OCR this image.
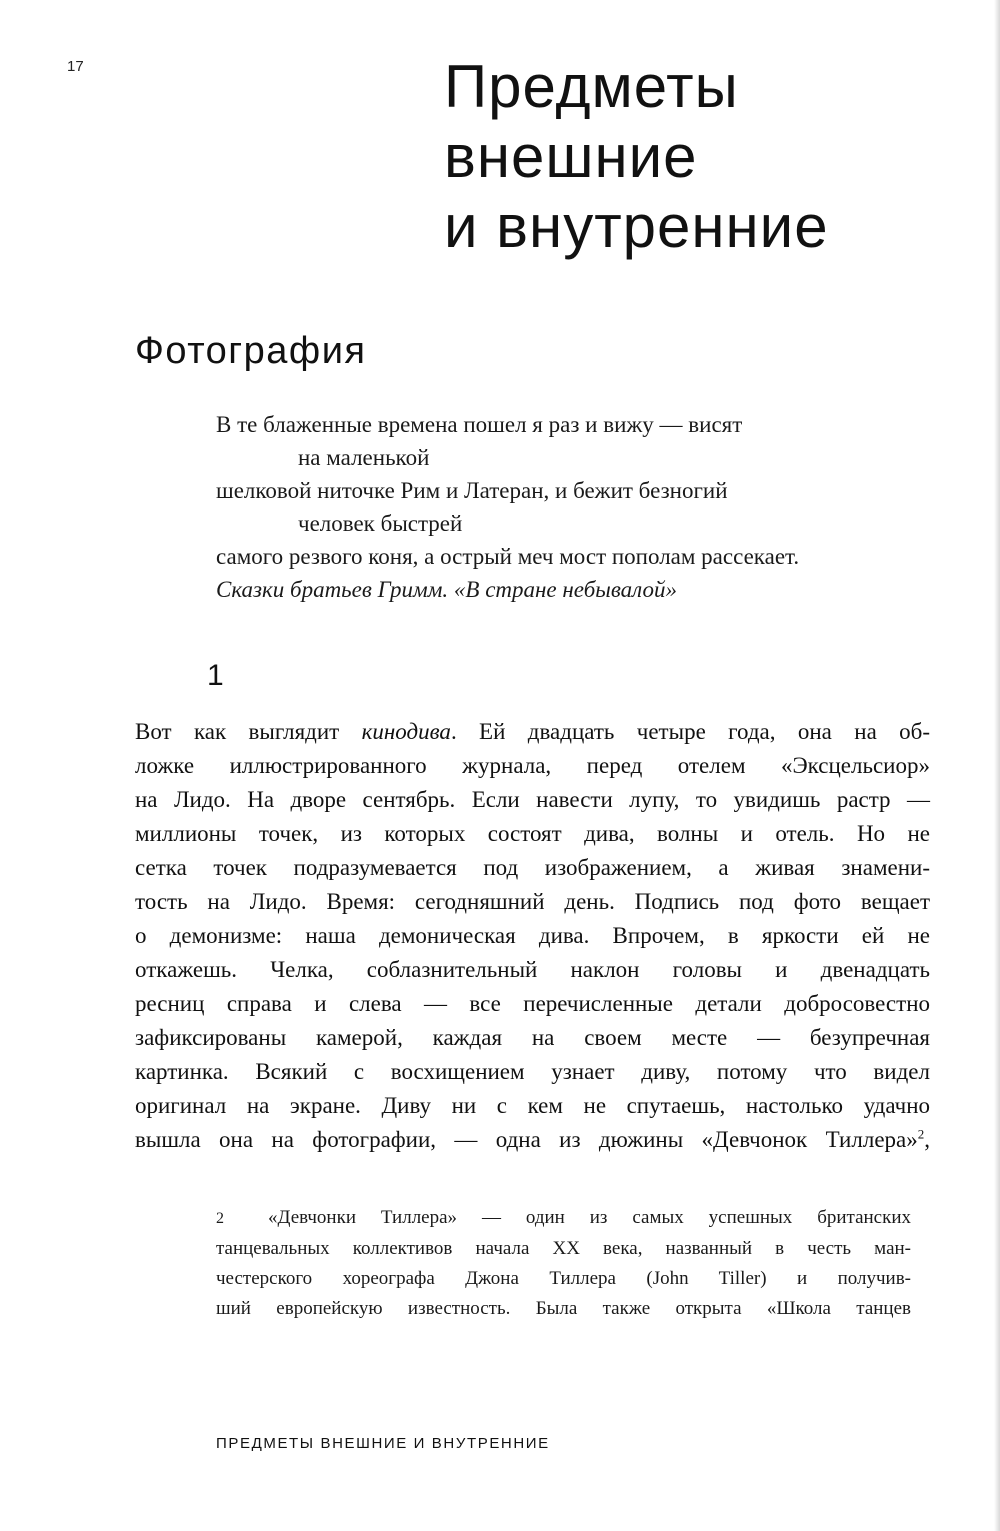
17	Предметы
внешние
и внутренние
Фотография
В те блаженные времена пошел я раз и вижу — висят
на маленькой
шелковой ниточке Рим и Латеран, и бежит безногий
человек быстрей
самого резвого коня, а острый меч мост пополам рассекает.
Сказки братьев Гримм. «В стране небывалой»
1
Вот как выглядит кинодива. Ей двадцать четыре года, она на об-
ложке иллюстрированного журнала, перед отелем «Эксцельсиор»
на Лидо. На дворе сентябрь. Если навести лупу, то увидишь растр —
миллионы точек, из которых состоят дива, волны и отель. Но не
сетка точек подразумевается под изображением, а живая знамени-
тость на Лидо. Время: сегодняшний день. Подпись под фото вещает
о демонизме: наша демоническая дива. Впрочем, в яркости ей не
откажешь. Челка, соблазнительный наклон головы и двенадцать
ресниц справа и слева — все перечисленные детали добросовестно
зафиксированы камерой, каждая на своем месте — безупречная
картинка. Всякий с восхищением узнает диву, потому что видел
оригинал на экране. Диву ни с кем не спутаешь, настолько удачно
вышла она на фотографии, — одна из дюжины «Девчонок Тиллера»$^2$,
2 «Девчонки Тиллера» — один из самых успешных британских
танцевальных коллективов начала XX века, названный в честь ман-
честерского хореографа Джона Тиллера (John Tiller) и получив-
ший европейскую известность. Была также открыта «Школа танцев
ПРЕДМЕТЫ ВНЕШНИЕ И ВНУТРЕННИЕ
